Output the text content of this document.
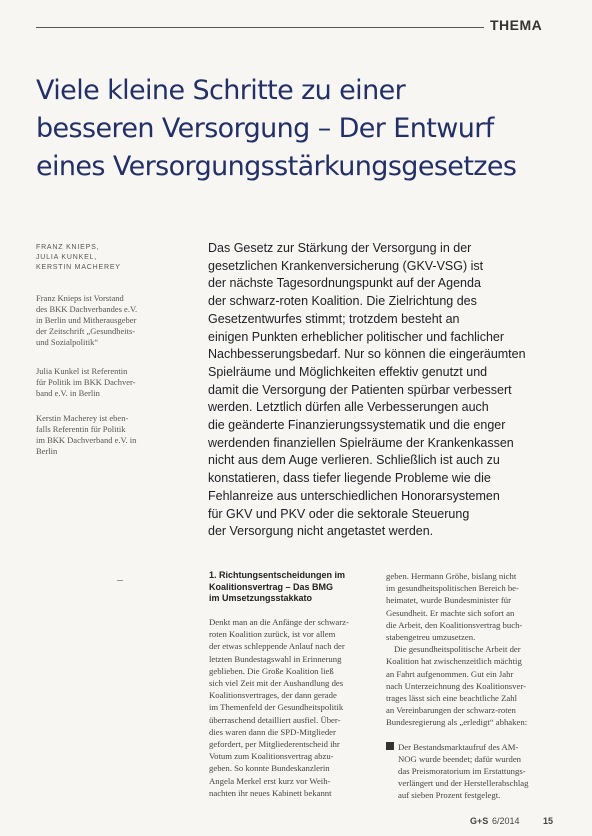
THEMA
Viele kleine Schritte zu einer
besseren Versorgung – Der Entwurf
eines Versorgungsstärkungsgesetzes
FRANZ KNIEPS,
JULIA KUNKEL,
KERSTIN MACHEREY
Franz Knieps ist Vorstand
des BKK Dachverbandes e.V.
in Berlin und Mitherausgeber
der Zeitschrift „Gesundheits-
und Sozialpolitik“
Julia Kunkel ist Referentin
für Politik im BKK Dachver-
band e.V. in Berlin
Kerstin Macherey ist eben-
falls Referentin für Politik
im BKK Dachverband e.V. in
Berlin
Das Gesetz zur Stärkung der Versorgung in der
gesetzlichen Krankenversicherung (GKV-VSG) ist
der nächste Tagesordnungspunkt auf der Agenda
der schwarz-roten Koalition. Die Zielrichtung des
Gesetzentwurfes stimmt; trotzdem besteht an
einigen Punkten erheblicher politischer und fachlicher
Nachbesserungsbedarf. Nur so können die eingeräumten
Spielräume und Möglichkeiten effektiv genutzt und
damit die Versorgung der Patienten spürbar verbessert
werden. Letztlich dürfen alle Verbesserungen auch
die geänderte Finanzierungssystematik und die enger
werdenden finanziellen Spielräume der Krankenkassen
nicht aus dem Auge verlieren. Schließlich ist auch zu
konstatieren, dass tiefer liegende Probleme wie die
Fehlanreize aus unterschiedlichen Honorarsystemen
für GKV und PKV oder die sektorale Steuerung
der Versorgung nicht angetastet werden.
1. Richtungsentscheidungen im
Koalitionsvertrag – Das BMG
im Umsetzungsstakkato
Denkt man an die Anfänge der schwarz-
roten Koalition zurück, ist vor allem
der etwas schleppende Anlauf nach der
letzten Bundestagswahl in Erinnerung
geblieben. Die Große Koalition ließ
sich viel Zeit mit der Aushandlung des
Koalitionsvertrages, der dann gerade
im Themenfeld der Gesundheitspolitik
überraschend detailliert ausfiel. Über-
dies waren dann die SPD-Mitglieder
gefordert, per Mitgliederentscheid ihr
Votum zum Koalitionsvertrag abzu-
geben. So konnte Bundeskanzlerin
Angela Merkel erst kurz vor Weih-
nachten ihr neues Kabinett bekannt
geben. Hermann Gröhe, bislang nicht
im gesundheitspolitischen Bereich be-
heimatet, wurde Bundesminister für
Gesundheit. Er machte sich sofort an
die Arbeit, den Koalitionsvertrag buch-
stabengetreu umzusetzen.
Die gesundheitspolitische Arbeit der
Koalition hat zwischenzeitlich mächtig
an Fahrt aufgenommen. Gut ein Jahr
nach Unterzeichnung des Koalitionsver-
trages lässt sich eine beachtliche Zahl
an Vereinbarungen der schwarz-roten
Bundesregierung als „erledigt“ abhaken:
Der Bestandsmarktaufruf des AM-
NOG wurde beendet; dafür wurden
das Preismoratorium im Erstattungs-
verlängert und der Herstellerabschlag
auf sieben Prozent festgelegt.
G+S 6/2014	15
